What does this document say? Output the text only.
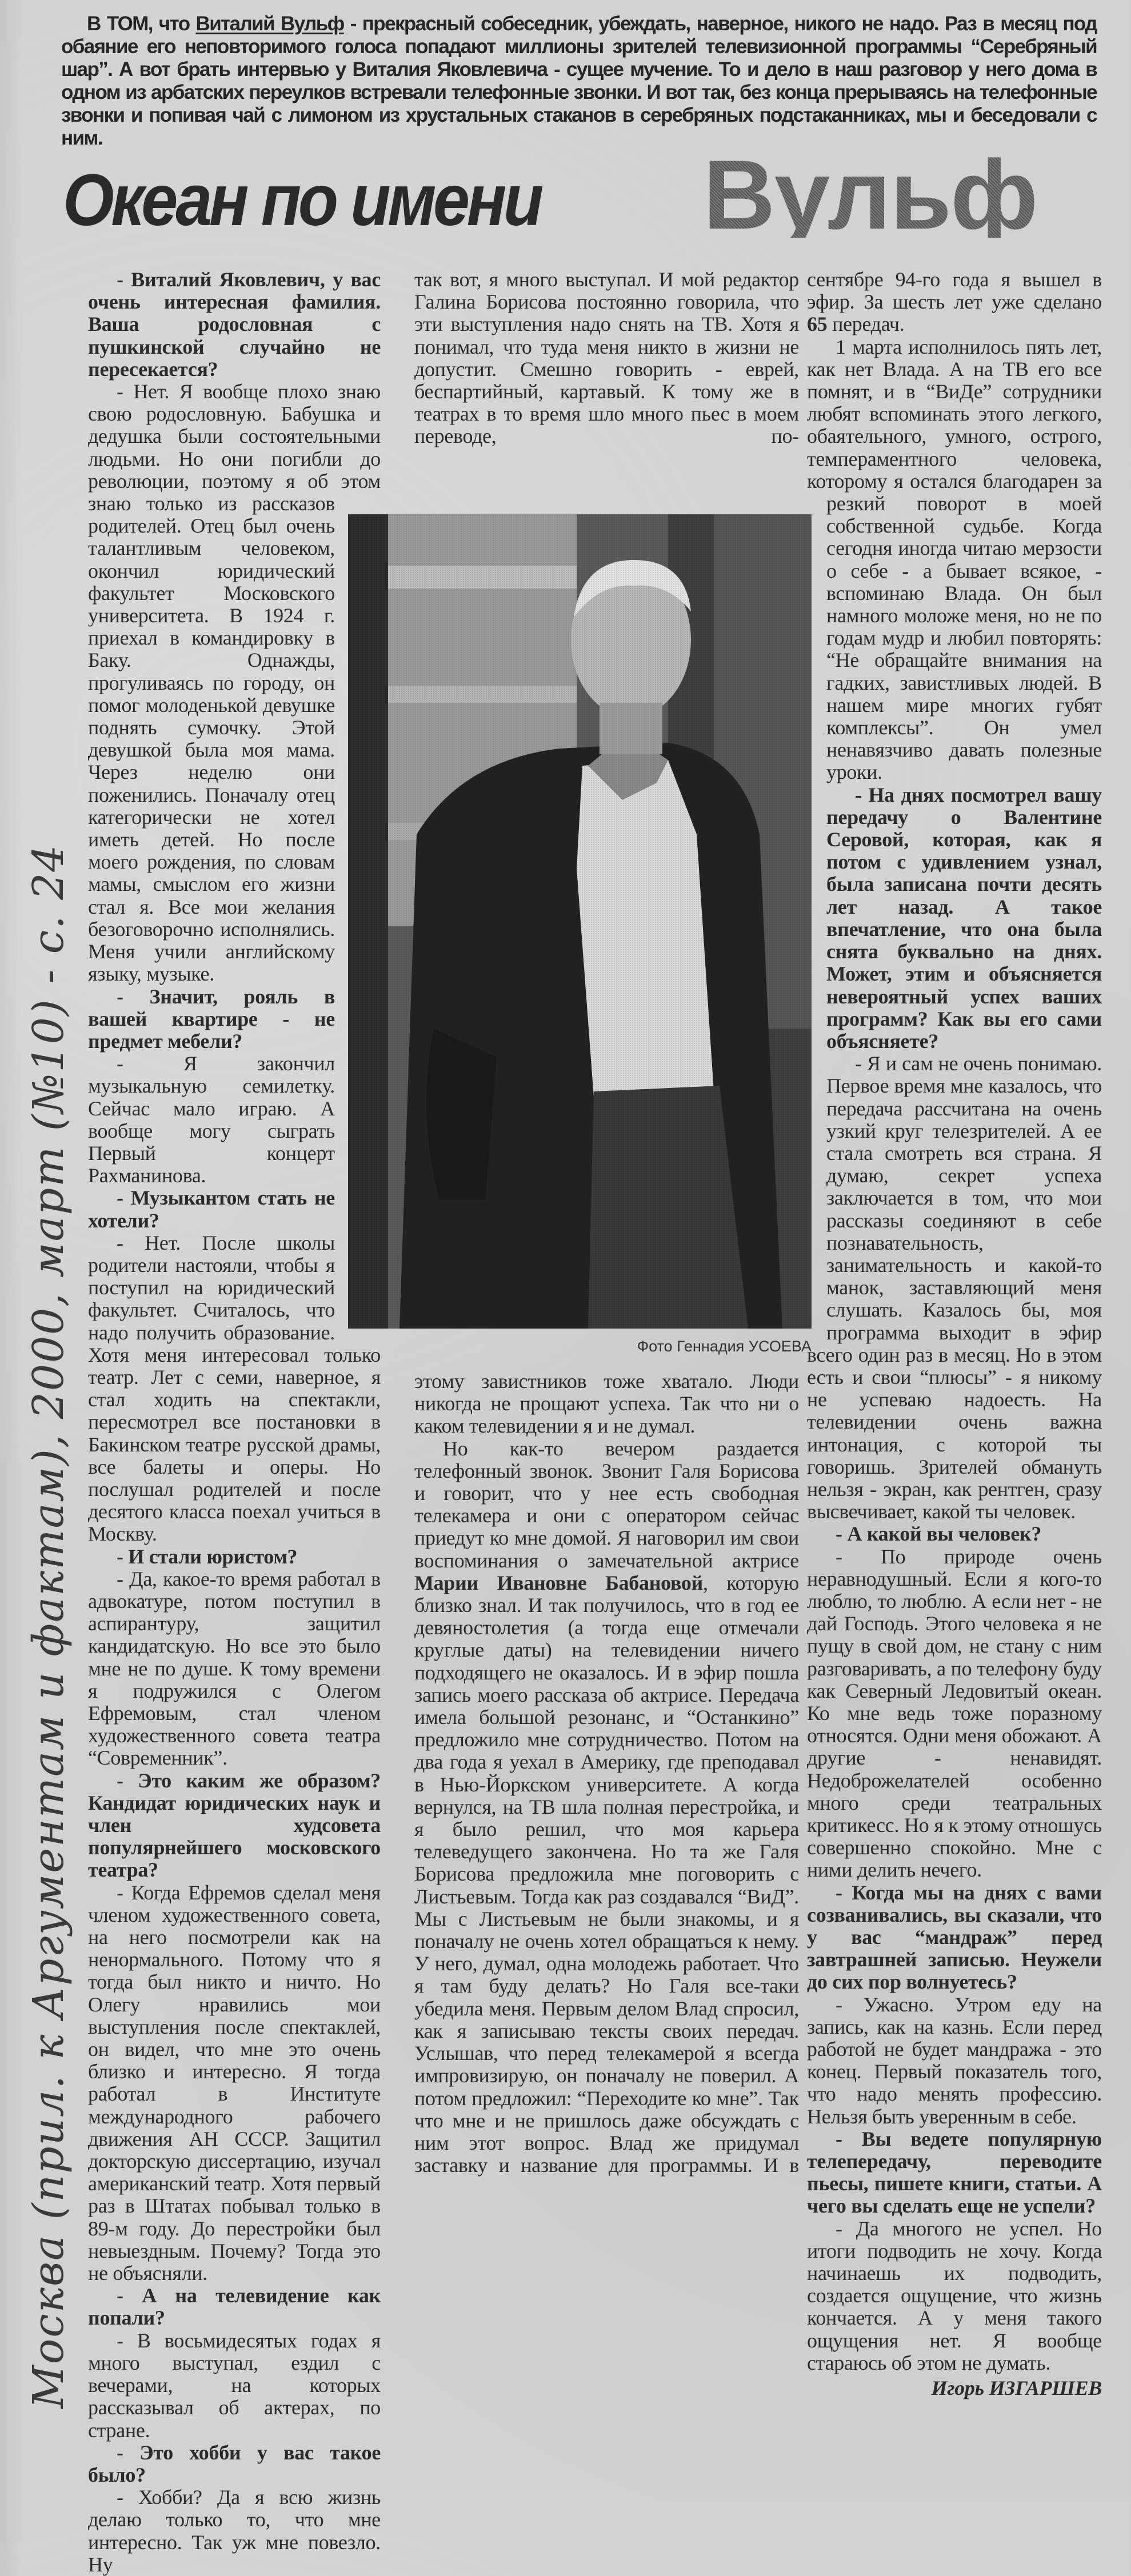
В ТОМ, что Виталий Вульф - прекрасный собеседник, убеждать, наверное, никого не надо. Раз в месяц под обаяние его неповторимого голоса попадают миллионы зрителей телевизионной программы “Серебряный шар”. А вот брать интервью у Виталия Яковлевича - сущее мучение. То и дело в наш разговор у него дома в одном из арбатских переулков встревали телефонные звонки. И вот так, без конца прерываясь на телефонные звонки и попивая чай с лимоном из хрустальных стаканов в серебряных подстаканниках, мы и беседовали с ним.
Океан по имени Вульф

- Виталий Яковлевич, у вас очень интересная фамилия. Ваша родословная с пушкинской случайно не пересекается?

- Нет. Я вообще плохо знаю свою родословную. Бабушка и дедушка были состоятельными людьми. Но они погибли до революции, поэтому я об этом знаю только из рассказов родителей. Отец был очень талантливым человеком, окончил юридический факультет Московского университета. В 1924 г. приехал в командировку в Баку. Однажды, прогуливаясь по городу, он помог молоденькой девушке поднять сумочку. Этой девушкой была моя мама. Через неделю они поженились. Поначалу отец категорически не хотел иметь детей. Но после моего рождения, по словам мамы, смыслом его жизни стал я. Все мои желания безоговорочно исполнялись. Меня учили английскому языку, музыке.

- Значит, рояль в вашей квартире - не предмет мебели?

- Я закончил музыкальную семилетку. Сейчас мало играю. А вообще могу сыграть Первый концерт Рахманинова.

- Музыкантом стать не хотели?

- Нет. После школы родители настояли, чтобы я поступил на юридический факультет. Считалось, что надо получить образование. Хотя меня интересовал только театр. Лет с семи, наверное, я стал ходить на спектакли, пересмотрел все постановки в Бакинском театре русской драмы, все балеты и оперы. Но послушал родителей и после десятого класса поехал учиться в Москву.

- И стали юристом?

- Да, какое-то время работал в адвокатуре, потом поступил в аспирантуру, защитил кандидатскую. Но все это было мне не по душе. К тому времени я подружился с Олегом Ефремовым, стал членом художественного совета театра “Современник”.

- Это каким же образом? Кандидат юридических наук и член худсовета популярнейшего московского театра?

- Когда Ефремов сделал меня членом художественного совета, на него посмотрели как на ненормального. Потому что я тогда был никто и ничто. Но Олегу нравились мои выступления после спектаклей, он видел, что мне это очень близко и интересно. Я тогда работал в Институте международного рабочего движения АН СССР. Защитил докторскую диссертацию, изучал американский театр. Хотя первый раз в Штатах побывал только в 89-м году. До перестройки был невыездным. Почему? Тогда это не объясняли.

- А на телевидение как попали?

- В восьмидесятых годах я много выступал, ездил с вечерами, на которых рассказывал об актерах, по стране.

- Это хобби у вас такое было?

- Хобби? Да я всю жизнь делаю только то, что мне интересно. Так уж мне повезло. Ну

так вот, я много выступал. И мой редактор Галина Борисова постоянно говорила, что эти выступления надо снять на ТВ. Хотя я понимал, что туда меня никто в жизни не допустит. Смешно говорить - еврей, беспартийный, картавый. К тому же в театрах в то время шло много пьес в моем переводе, по-

этому завистников тоже хватало. Люди никогда не прощают успеха. Так что ни о каком телевидении я и не думал.

Но как-то вечером раздается телефонный звонок. Звонит Галя Борисова и говорит, что у нее есть свободная телекамера и они с оператором сейчас приедут ко мне домой. Я наговорил им свои воспоминания о замечательной актрисе Марии Ивановне Бабановой, которую близко знал. И так получилось, что в год ее девяностолетия (а тогда еще отмечали круглые даты) на телевидении ничего подходящего не оказалось. И в эфир пошла запись моего рассказа об актрисе. Передача имела большой резонанс, и “Останкино” предложило мне сотрудничество. Потом на два года я уехал в Америку, где преподавал в Нью-Йоркском университете. А когда вернулся, на ТВ шла полная перестройка, и я было решил, что моя карьера телеведущего закончена. Но та же Галя Борисова предложила мне поговорить с Листьевым. Тогда как раз создавался “ВиД”. Мы с Листьевым не были знакомы, и я поначалу не очень хотел обращаться к нему. У него, думал, одна молодежь работает. Что я там буду делать? Но Галя все-таки убедила меня. Первым делом Влад спросил, как я записываю тексты своих передач. Услышав, что перед телекамерой я всегда импровизирую, он поначалу не поверил. А потом предложил: “Переходите ко мне”. Так что мне и не пришлось даже обсуждать с ним этот вопрос. Влад же придумал заставку и название для программы. И в

сентябре 94-го года я вышел в эфир. За шесть лет уже сделано 65 передач.

1 марта исполнилось пять лет, как нет Влада. А на ТВ его все помнят, и в “ВиДе” сотрудники любят вспоминать этого легкого, обаятельного, умного, острого, темпераментного человека, которому я остался благодарен за резкий поворот в моей собственной судьбе. Когда сегодня иногда читаю мерзости о себе - а бывает всякое, - вспоминаю Влада. Он был намного моложе меня, но не по годам мудр и любил повторять: “Не обращайте внимания на гадких, завистливых людей. В нашем мире многих губят комплексы”. Он умел ненавязчиво давать полезные уроки.

- На днях посмотрел вашу передачу о Валентине Серовой, которая, как я потом с удивлением узнал, была записана почти десять лет назад. А такое впечатление, что она была снята буквально на днях. Может, этим и объясняется невероятный успех ваших программ? Как вы его сами объясняете?

- Я и сам не очень понимаю. Первое время мне казалось, что передача рассчитана на очень узкий круг телезрителей. А ее стала смотреть вся страна. Я думаю, секрет успеха заключается в том, что мои рассказы соединяют в себе познавательность, занимательность и какой-то манок, заставляющий меня слушать. Казалось бы, моя программа выходит в эфир всего один раз в месяц. Но в этом есть и свои “плюсы” - я никому не успеваю надоесть. На телевидении очень важна интонация, с которой ты говоришь. Зрителей обмануть нельзя - экран, как рентген, сразу высвечивает, какой ты человек.

- А какой вы человек?

- По природе очень неравнодушный. Если я кого-то люблю, то люблю. А если нет - не дай Господь. Этого человека я не пущу в свой дом, не стану с ним разговаривать, а по телефону буду как Северный Ледовитый океан. Ко мне ведь тоже поразному относятся. Одни меня обожают. А другие - ненавидят. Недоброжелателей особенно много среди театральных критикесс. Но я к этому отношусь совершенно спокойно. Мне с ними делить нечего.

- Когда мы на днях с вами созванивались, вы сказали, что у вас “мандраж” перед завтрашней записью. Неужели до сих пор волнуетесь?

- Ужасно. Утром еду на запись, как на казнь. Если перед работой не будет мандража - это конец. Первый показатель того, что надо менять профессию. Нельзя быть уверенным в себе.

- Вы ведете популярную телепередачу, переводите пьесы, пишете книги, статьи. А чего вы сделать еще не успели?

- Да многого не успел. Но итоги подводить не хочу. Когда начинаешь их подводить, создается ощущение, что жизнь кончается. А у меня такого ощущения нет. Я вообще стараюсь об этом не думать.

Игорь ИЗГАРШЕВ
Фото Геннадия УСОЕВА
Москва (прил. к Аргументам и фактам), 2000, март (№10) - с. 24
